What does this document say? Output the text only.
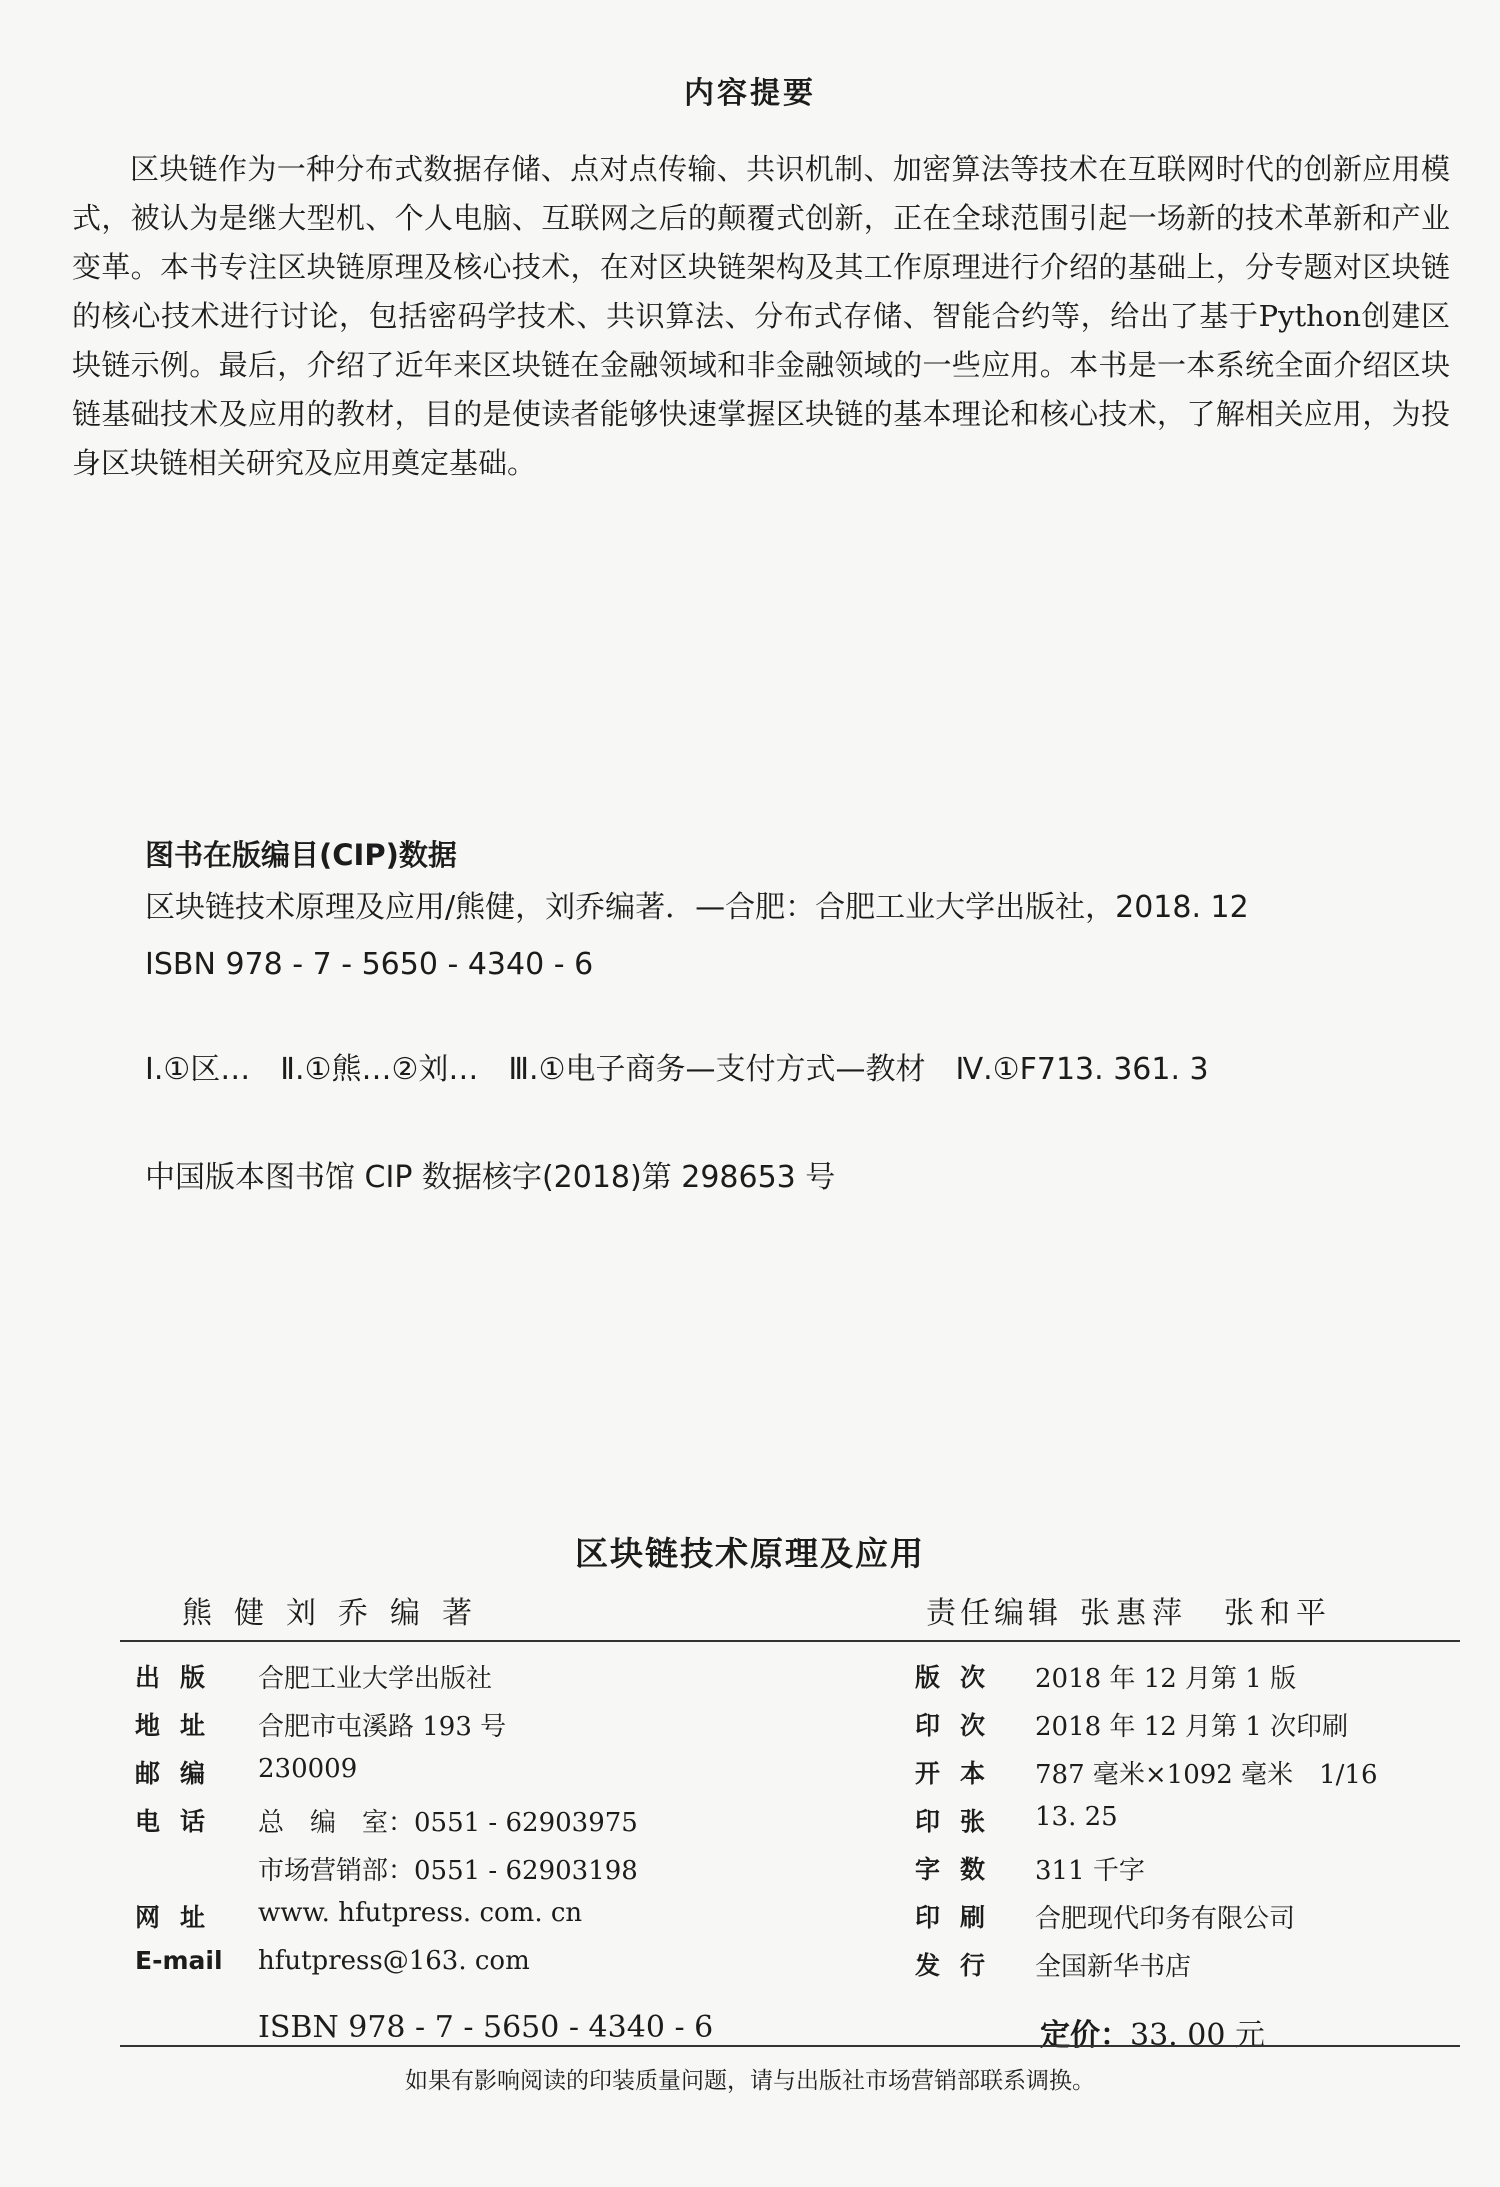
内容提要
区块链作为一种分布式数据存储、点对点传输、共识机制、加密算法等技术在互联网时代的创新应用模式，被认为是继大型机、个人电脑、互联网之后的颠覆式创新，正在全球范围引起一场新的技术革新和产业变革。本书专注区块链原理及核心技术，在对区块链架构及其工作原理进行介绍的基础上，分专题对区块链的核心技术进行讨论，包括密码学技术、共识算法、分布式存储、智能合约等，给出了基于Python创建区块链示例。最后，介绍了近年来区块链在金融领域和非金融领域的一些应用。本书是一本系统全面介绍区块链基础技术及应用的教材，目的是使读者能够快速掌握区块链的基本理论和核心技术，了解相关应用，为投身区块链相关研究及应用奠定基础。
图书在版编目(CIP)数据
区块链技术原理及应用/熊健，刘乔编著．—合肥：合肥工业大学出版社，2018. 12
ISBN 978 - 7 - 5650 - 4340 - 6
Ⅰ.①区…　Ⅱ.①熊…②刘…　Ⅲ.①电子商务—支付方式—教材　Ⅳ.①F713. 361. 3
中国版本图书馆 CIP 数据核字(2018)第 298653 号
区块链技术原理及应用
熊健刘乔编著	责任编辑 张惠萍　张和平
出版 合肥工业大学出版社
地址 合肥市屯溪路 193 号
邮编 230009
电话 总　编　室：0551 - 62903975
市场营销部：0551 - 62903198
网址 www. hfutpress. com. cn
E-mail hfutpress@163. com
版次 2018 年 12 月第 1 版
印次 2018 年 12 月第 1 次印刷
开本 787 毫米×1092 毫米　1/16
印张 13. 25
字数 311 千字
印刷 合肥现代印务有限公司
发行 全国新华书店
ISBN 978 - 7 - 5650 - 4340 - 6	定价：33. 00 元
如果有影响阅读的印装质量问题，请与出版社市场营销部联系调换。
